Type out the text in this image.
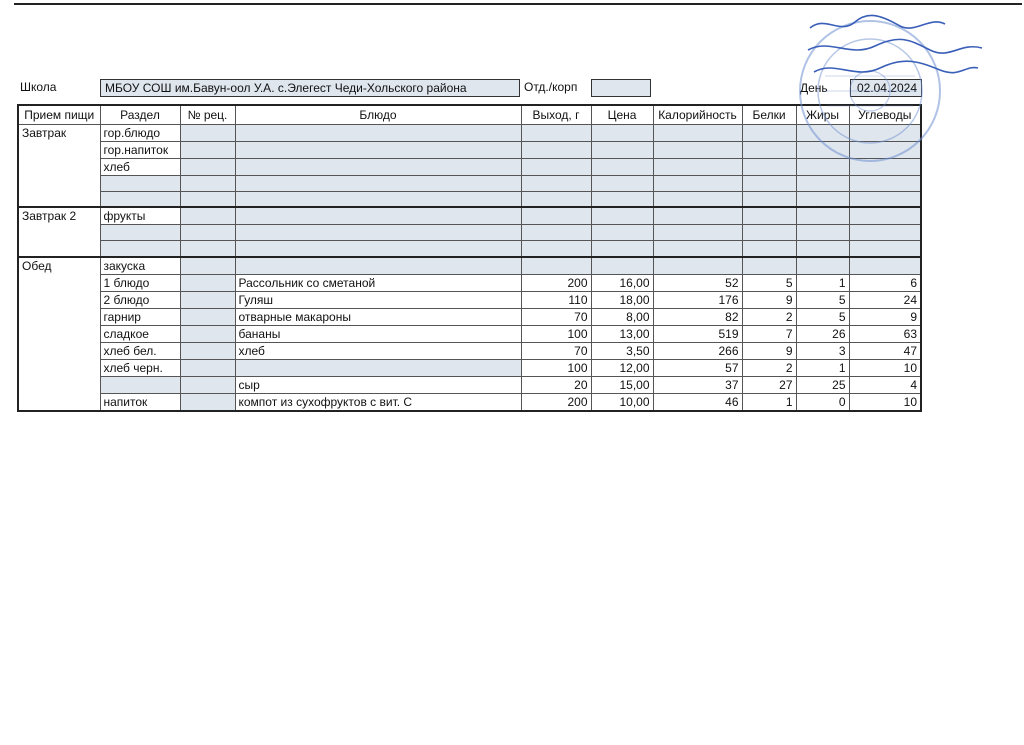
Школа	МБОУ СОШ им.Бавун-оол У.А. с.Элегест Чеди-Хольского района	Отд./корп	День	02.04.2024
Прием пищи	Раздел	№ рец.	Блюдо	Выход, г	Цена	Калорийность	Белки	Жиры	Углеводы
Завтрак	гор.блюдо								
	гор.напиток								
	хлеб								

Завтрак 2	фрукты								

Обед	закуска								
	1 блюдо		Рассольник со сметаной	200	16,00	52	5	1	6
	2 блюдо		Гуляш	110	18,00	176	9	5	24
	гарнир		отварные макароны	70	8,00	82	2	5	9
	сладкое		бананы	100	13,00	519	7	26	63
	хлеб бел.		хлеб	70	3,50	266	9	3	47
	хлеб черн.			100	12,00	57	2	1	10
			сыр	20	15,00	37	27	25	4
	напиток		компот из сухофруктов с вит. С	200	10,00	46	1	0	10
